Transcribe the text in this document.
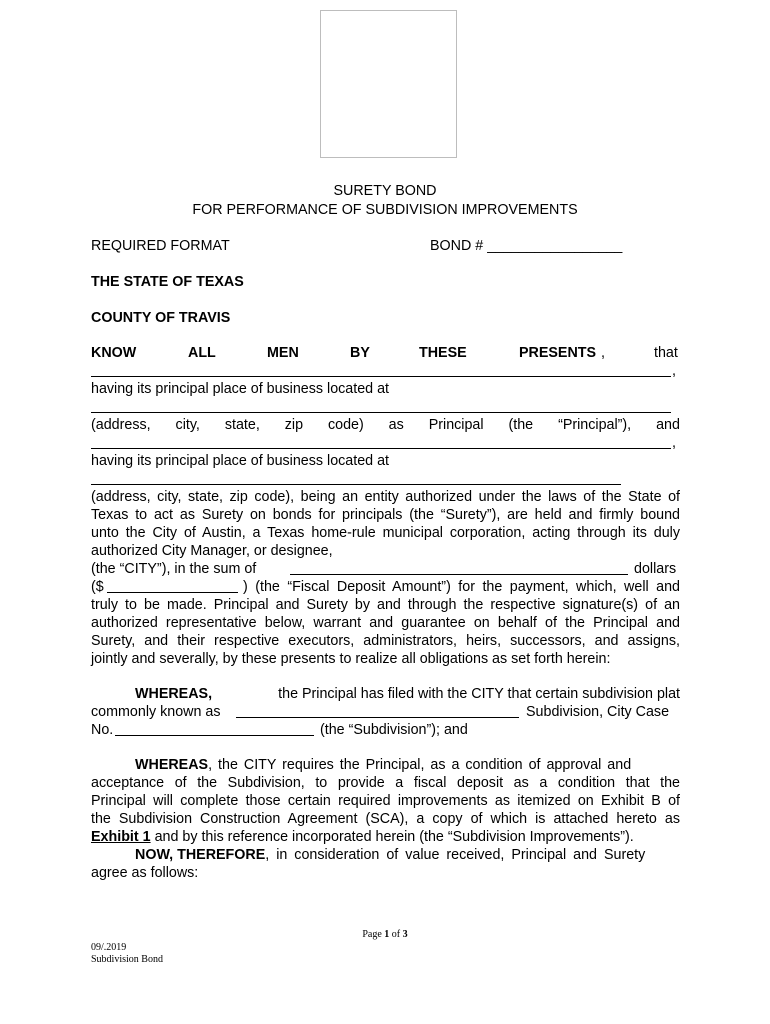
SURETY BOND
FOR PERFORMANCE OF SUBDIVISION IMPROVEMENTS
REQUIRED FORMAT	BOND # _________________
THE STATE OF TEXAS
COUNTY OF TRAVIS
KNOW	ALL	MEN	BY	THESE	PRESENTS ,	that
,
having its principal place of business located at
(address, city, state, zip code) as Principal (the “Principal”), and
,
having its principal place of business located at
(address, city, state, zip code), being an entity authorized under the laws of the State of
Texas to act as Surety on bonds for principals (the “Surety”), are held and firmly bound
unto the City of Austin, a Texas home-rule municipal corporation, acting through its duly
authorized City Manager, or designee,
(the “CITY”), in the sum of	dollars
($	) (the “Fiscal Deposit Amount”) for the payment, which, well and
truly to be made. Principal and Surety by and through the respective signature(s) of an
authorized representative below, warrant and guarantee on behalf of the Principal and
Surety, and their respective executors, administrators, heirs, successors, and assigns,
jointly and severally, by these presents to realize all obligations as set forth herein:
WHEREAS,	the Principal has filed with the CITY that certain subdivision plat
commonly known as	Subdivision, City Case
No.	(the “Subdivision”); and
WHEREAS, the CITY requires the Principal, as a condition of approval and
acceptance of the Subdivision, to provide a fiscal deposit as a condition that the
Principal will complete those certain required improvements as itemized on Exhibit B of
the Subdivision Construction Agreement (SCA), a copy of which is attached hereto as
Exhibit 1 and by this reference incorporated herein (the “Subdivision Improvements”).
NOW, THEREFORE, in consideration of value received, Principal and Surety
agree as follows:
Page 1 of 3
09/.2019
Subdivision Bond
